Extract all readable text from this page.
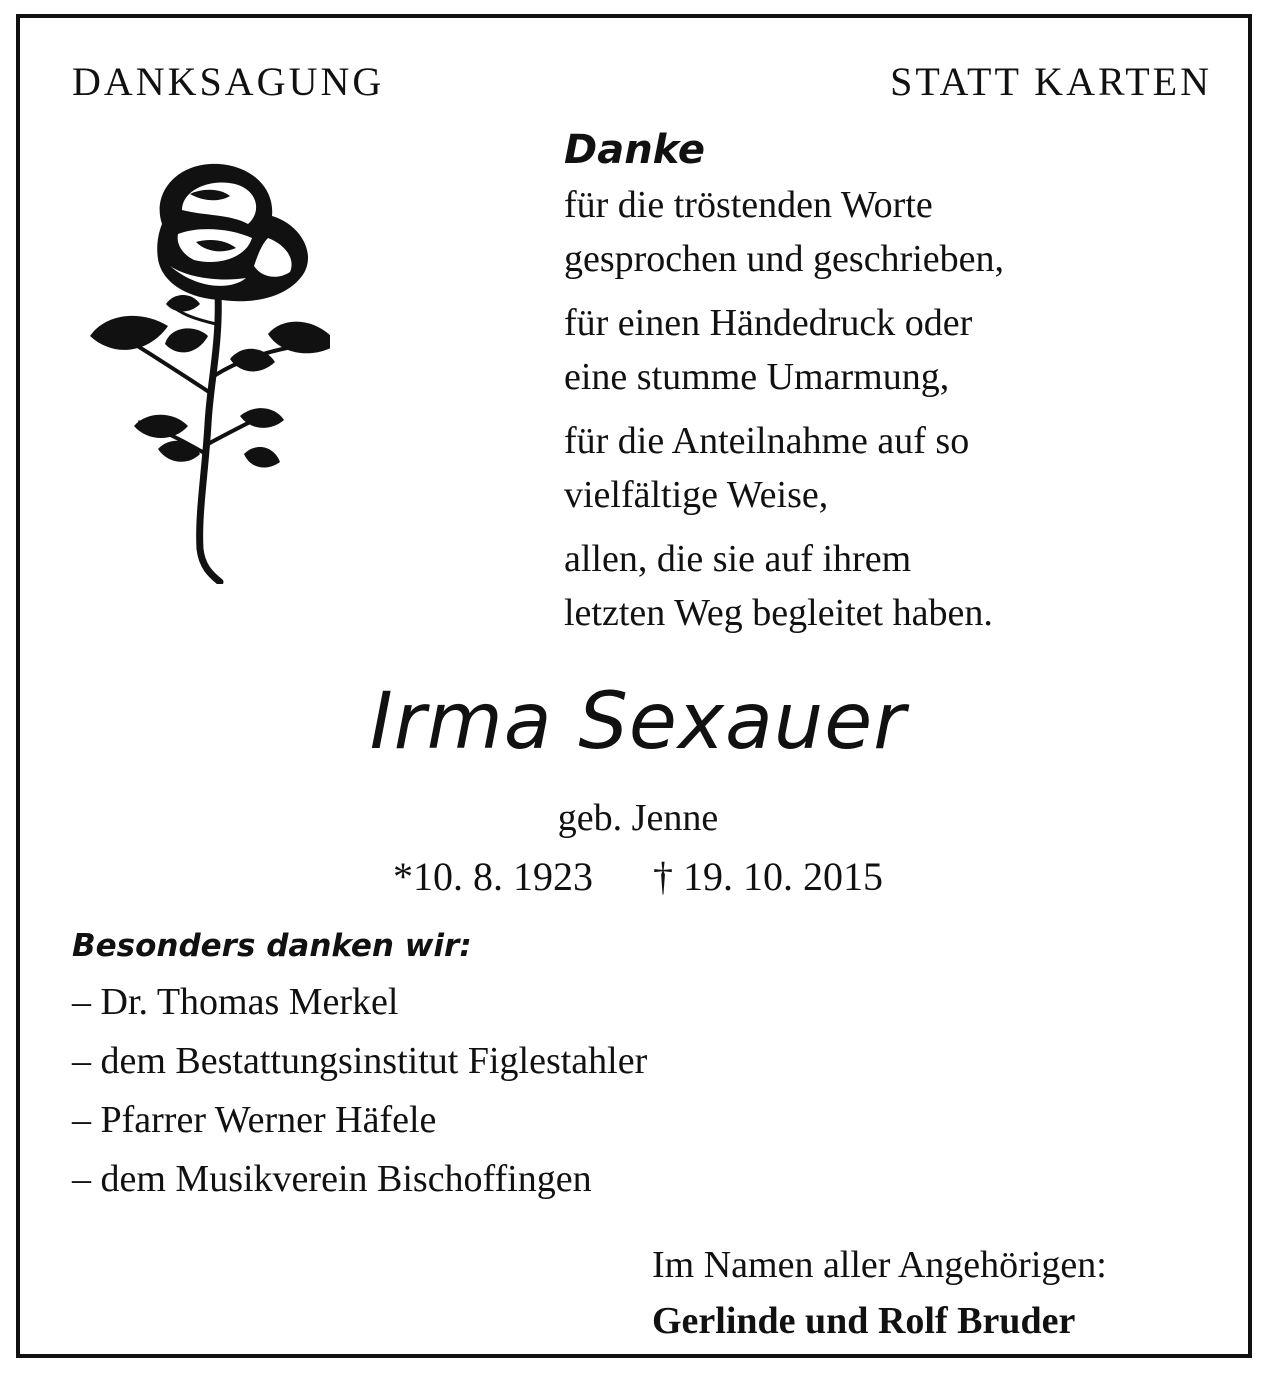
DANKSAGUNG	STATT KARTEN

Danke

für die tröstenden Worte
gesprochen und geschrieben,

für einen Händedruck oder
eine stumme Umarmung,

für die Anteilnahme auf so
vielfältige Weise,

allen, die sie auf ihrem
letzten Weg begleitet haben.

Irma Sexauer
geb. Jenne
*10. 8. 1923 † 19. 10. 2015
Besonders danken wir:
– Dr. Thomas Merkel
– dem Bestattungsinstitut Figlestahler
– Pfarrer Werner Häfele
– dem Musikverein Bischoffingen
Im Namen aller Angehörigen:
Gerlinde und Rolf Bruder
